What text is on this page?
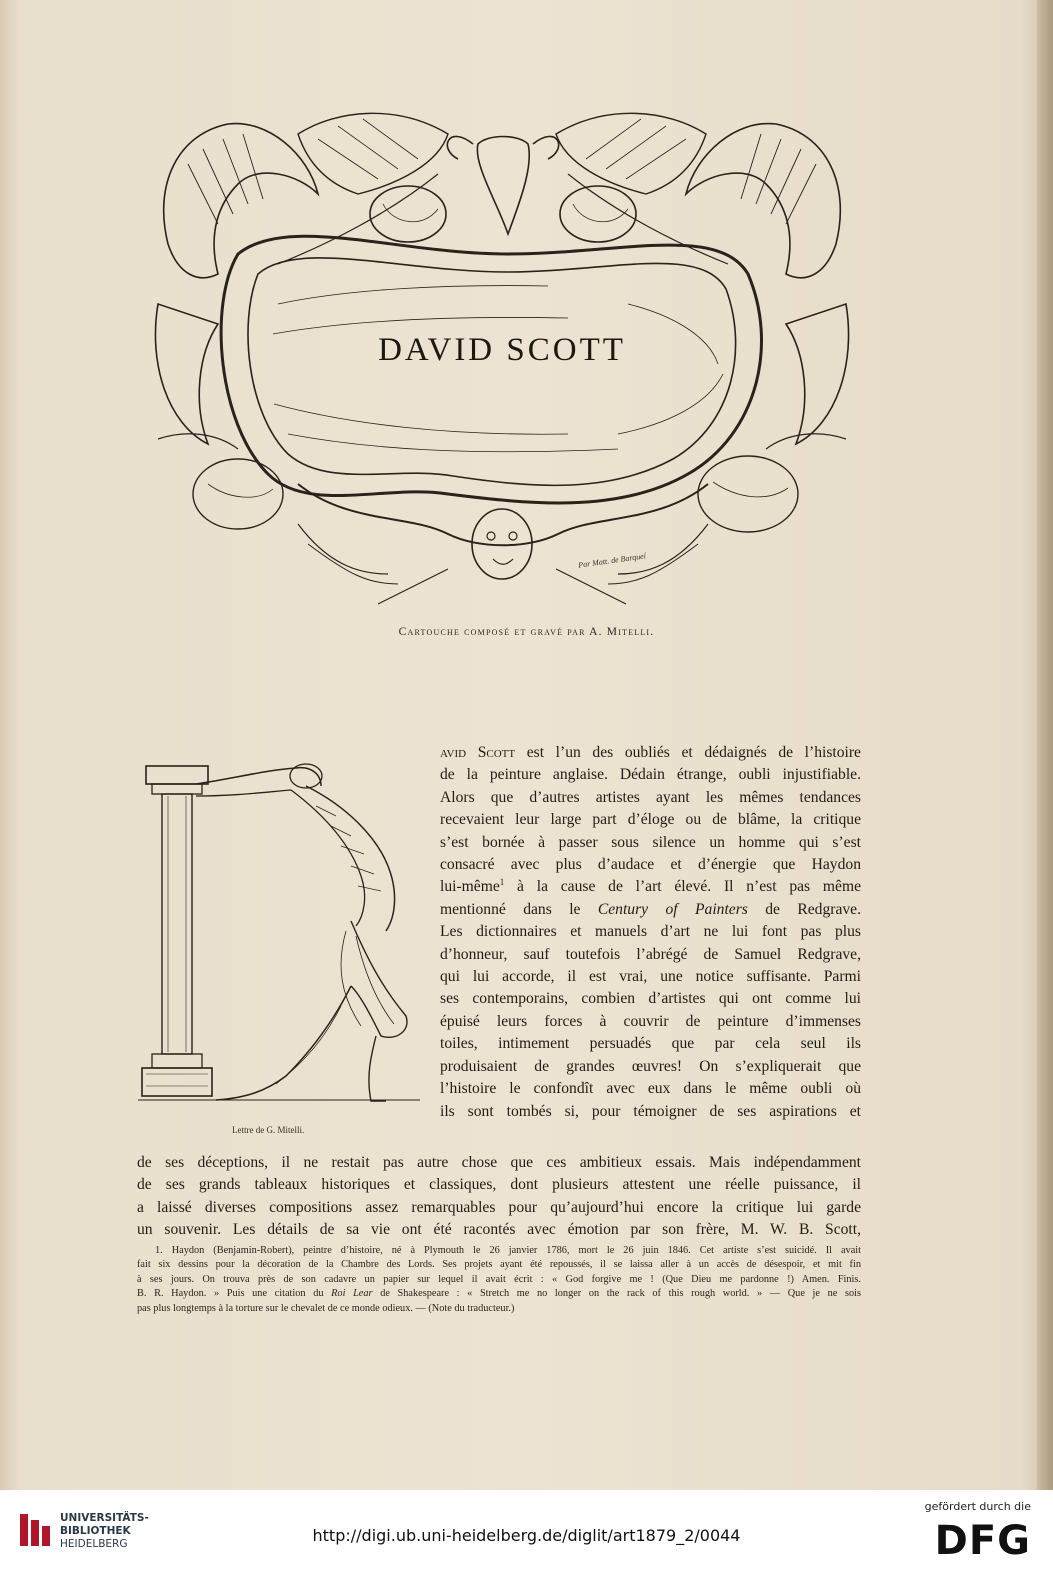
DAVID SCOTT
Par Matt. de Barqueí
Cartouche composé et gravé par A. Mitelli.
Lettre de G. Mitelli.
avid Scott est l’un des oubliés et dédaignés de l’histoire
de la peinture anglaise. Dédain étrange, oubli injustifiable.
Alors que d’autres artistes ayant les mêmes tendances
recevaient leur large part d’éloge ou de blâme, la critique
s’est bornée à passer sous silence un homme qui s’est
consacré avec plus d’audace et d’énergie que Haydon
lui-même$^1$ à la cause de l’art élevé. Il n’est pas même
mentionné dans le Century of Painters de Redgrave.
Les dictionnaires et manuels d’art ne lui font pas plus
d’honneur, sauf toutefois l’abrégé de Samuel Redgrave,
qui lui accorde, il est vrai, une notice suffisante. Parmi
ses contemporains, combien d’artistes qui ont comme lui
épuisé leurs forces à couvrir de peinture d’immenses
toiles, intimement persuadés que par cela seul ils
produisaient de grandes œuvres! On s’expliquerait que
l’histoire le confondît avec eux dans le même oubli où
ils sont tombés si, pour témoigner de ses aspirations et
de ses déceptions, il ne restait pas autre chose que ces ambitieux essais. Mais indépendamment
de ses grands tableaux historiques et classiques, dont plusieurs attestent une réelle puissance, il
a laissé diverses compositions assez remarquables pour qu’aujourd’hui encore la critique lui garde
un souvenir. Les détails de sa vie ont été racontés avec émotion par son frère, M. W. B. Scott,
1. Haydon (Benjamin-Robert), peintre d’histoire, né à Plymouth le 26 janvier 1786, mort le 26 juin 1846. Cet artiste s’est suicidé. Il avait
fait six dessins pour la décoration de la Chambre des Lords. Ses projets ayant été repoussés, il se laissa aller à un accès de désespoir, et mit fin
à ses jours. On trouva près de son cadavre un papier sur lequel il avait écrit : « God forgive me ! (Que Dieu me pardonne !) Amen. Finis.
B. R. Haydon. » Puis une citation du Roi Lear de Shakespeare : « Stretch me no longer on the rack of this rough world. » — Que je ne sois
pas plus longtemps à la torture sur le chevalet de ce monde odieux. — (Note du traducteur.)
UNIVERSITÄTS-
BIBLIOTHEK
HEIDELBERG	http://digi.ub.uni-heidelberg.de/diglit/art1879_2/0044
gefördert durch die
DFG
